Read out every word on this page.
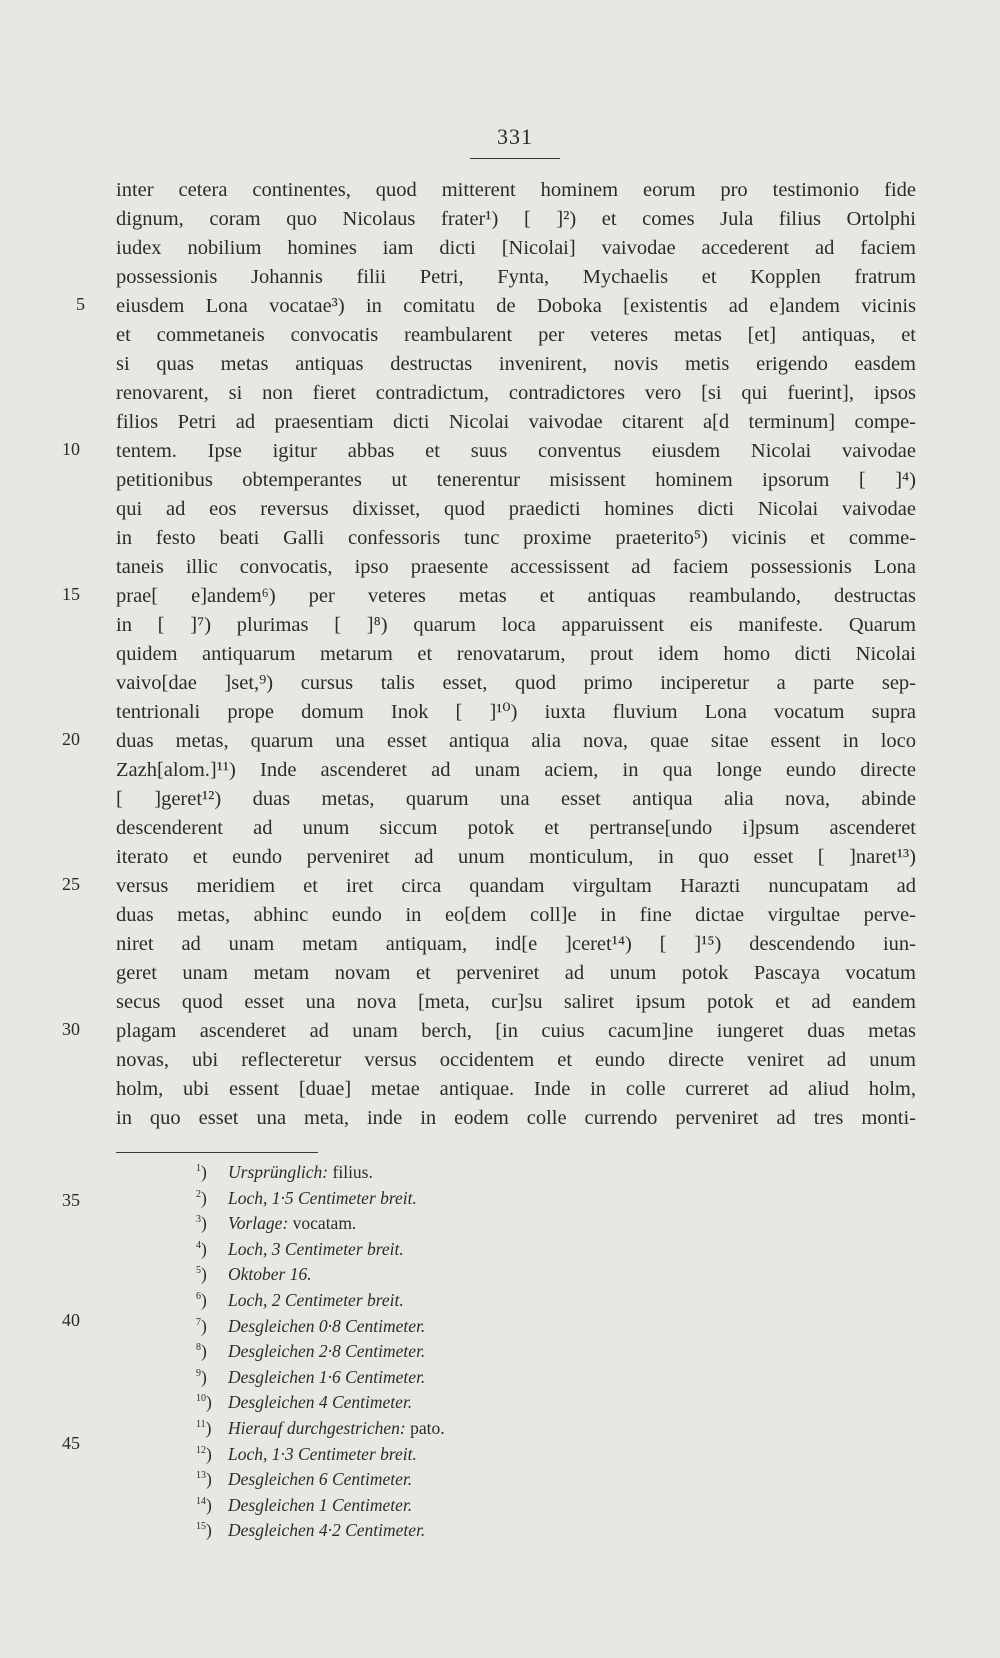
331
5
10
15
20
25
30
35
40
45
inter cetera continentes, quod mitterent hominem eorum pro testimonio fide
dignum, coram quo Nicolaus frater¹) [ ]²) et comes Jula filius Ortolphi
iudex nobilium homines iam dicti [Nicolai] vaivodae accederent ad faciem
possessionis Johannis filii Petri, Fynta, Mychaelis et Kopplen fratrum
eiusdem Lona vocatae³) in comitatu de Doboka [existentis ad e]andem vicinis
et commetaneis convocatis reambularent per veteres metas [et] antiquas, et
si quas metas antiquas destructas invenirent, novis metis erigendo easdem
renovarent, si non fieret contradictum, contradictores vero [si qui fuerint], ipsos
filios Petri ad praesentiam dicti Nicolai vaivodae citarent a[d terminum] compe-
tentem. Ipse igitur abbas et suus conventus eiusdem Nicolai vaivodae
petitionibus obtemperantes ut tenerentur misissent hominem ipsorum [ ]⁴)
qui ad eos reversus dixisset, quod praedicti homines dicti Nicolai vaivodae
in festo beati Galli confessoris tunc proxime praeterito⁵) vicinis et comme-
taneis illic convocatis, ipso praesente accessissent ad faciem possessionis Lona
prae[ e]andem⁶) per veteres metas et antiquas reambulando, destructas
in [ ]⁷) plurimas [ ]⁸) quarum loca apparuissent eis manifeste. Quarum
quidem antiquarum metarum et renovatarum, prout idem homo dicti Nicolai
vaivo[dae ]set,⁹) cursus talis esset, quod primo inciperetur a parte sep-
tentrionali prope domum Inok [ ]¹⁰) iuxta fluvium Lona vocatum supra
duas metas, quarum una esset antiqua alia nova, quae sitae essent in loco
Zazh[alom.]¹¹) Inde ascenderet ad unam aciem, in qua longe eundo directe
[ ]geret¹²) duas metas, quarum una esset antiqua alia nova, abinde
descenderent ad unum siccum potok et pertranse[undo i]psum ascenderet
iterato et eundo perveniret ad unum monticulum, in quo esset [ ]naret¹³)
versus meridiem et iret circa quandam virgultam Harazti nuncupatam ad
duas metas, abhinc eundo in eo[dem coll]e in fine dictae virgultae perve-
niret ad unam metam antiquam, ind[e ]ceret¹⁴) [ ]¹⁵) descendendo iun-
geret unam metam novam et perveniret ad unum potok Pascaya vocatum
secus quod esset una nova [meta, cur]su saliret ipsum potok et ad eandem
plagam ascenderet ad unam berch, [in cuius cacum]ine iungeret duas metas
novas, ubi reflecteretur versus occidentem et eundo directe veniret ad unum
holm, ubi essent [duae] metae antiquae. Inde in colle curreret ad aliud holm,
in quo esset una meta, inde in eodem colle currendo perveniret ad tres monti-
$^1$) Ursprünglich: filius.
$^2$) Loch, 1·5 Centimeter breit.
$^3$) Vorlage: vocatam.
$^4$) Loch, 3 Centimeter breit.
$^5$) Oktober 16.
$^6$) Loch, 2 Centimeter breit.
$^7$) Desgleichen 0·8 Centimeter.
$^8$) Desgleichen 2·8 Centimeter.
$^9$) Desgleichen 1·6 Centimeter.
$^{10}$) Desgleichen 4 Centimeter.
$^{11}$) Hierauf durchgestrichen: pato.
$^{12}$) Loch, 1·3 Centimeter breit.
$^{13}$) Desgleichen 6 Centimeter.
$^{14}$) Desgleichen 1 Centimeter.
$^{15}$) Desgleichen 4·2 Centimeter.
